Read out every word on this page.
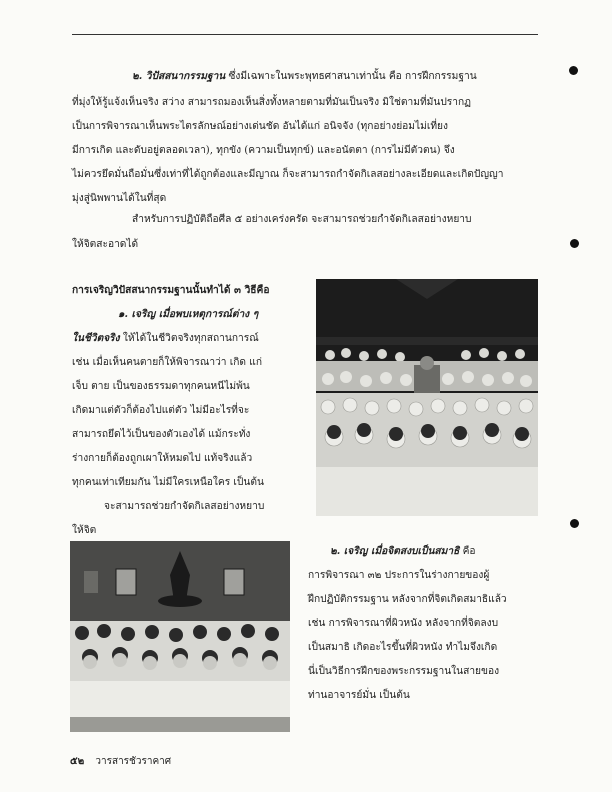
๒. วิปัสสนากรรมฐาน ซึ่งมีเฉพาะในพระพุทธศาสนาเท่านั้น คือ การฝึกกรรมฐาน
ที่มุ่งให้รู้แจ้งเห็นจริง สว่าง สามารถมองเห็นสิ่งทั้งหลายตามที่มันเป็นจริง มิใช่ตามที่มันปรากฏ
เป็นการพิจารณาเห็นพระไตรลักษณ์อย่างเด่นชัด อันได้แก่ อนิจจัง (ทุกอย่างย่อมไม่เที่ยง
มีการเกิด และดับอยู่ตลอดเวลา), ทุกขัง (ความเป็นทุกข์) และอนัตตา (การไม่มีตัวตน) จึง
ไม่ควรยึดมั่นถือมั่นซึ่งเท่าที่ได้ถูกต้องและมีญาณ ก็จะสามารถกำจัดกิเลสอย่างละเอียดและเกิดปัญญา
มุ่งสู่นิพพานได้ในที่สุด
สำหรับการปฏิบัติถือศีล ๕ อย่างเคร่งครัด จะสามารถช่วยกำจัดกิเลสอย่างหยาบ
ให้จิตสะอาดได้
การเจริญวิปัสสนากรรมฐานนั้นทำได้ ๓ วิธีคือ
๑. เจริญ เมื่อพบเหตุการณ์ต่าง ๆ
ในชีวิตจริง ให้ได้ในชีวิตจริงทุกสถานการณ์
เช่น เมื่อเห็นคนตายก็ให้พิจารณาว่า เกิด แก่
เจ็บ ตาย เป็นของธรรมดาทุกคนหนีไม่พ้น
เกิดมาแต่ตัวก็ต้องไปแต่ตัว ไม่มีอะไรที่จะ
สามารถยึดไว้เป็นของตัวเองได้ แม้กระทั่ง
ร่างกายก็ต้องถูกเผาให้หมดไป แท้จริงแล้ว
ทุกคนเท่าเทียมกัน ไม่มีใครเหนือใคร เป็นต้น
จะสามารถช่วยกำจัดกิเลสอย่างหยาบ
ให้จิต
๒. เจริญ เมื่อจิตสงบเป็นสมาธิ คือ
การพิจารณา ๓๒ ประการในร่างกายของผู้
ฝึกปฏิบัติกรรมฐาน หลังจากที่จิตเกิดสมาธิแล้ว
เช่น การพิจารณาที่ผิวหนัง หลังจากที่จิตลงบ
เป็นสมาธิ เกิดอะไรขึ้นที่ผิวหนัง ทำไมจึงเกิด
นี่เป็นวิธีการฝึกของพระกรรมฐานในสายของ
ท่านอาจารย์มั่น เป็นต้น
๕๒ วารสารชัวราคาศ
